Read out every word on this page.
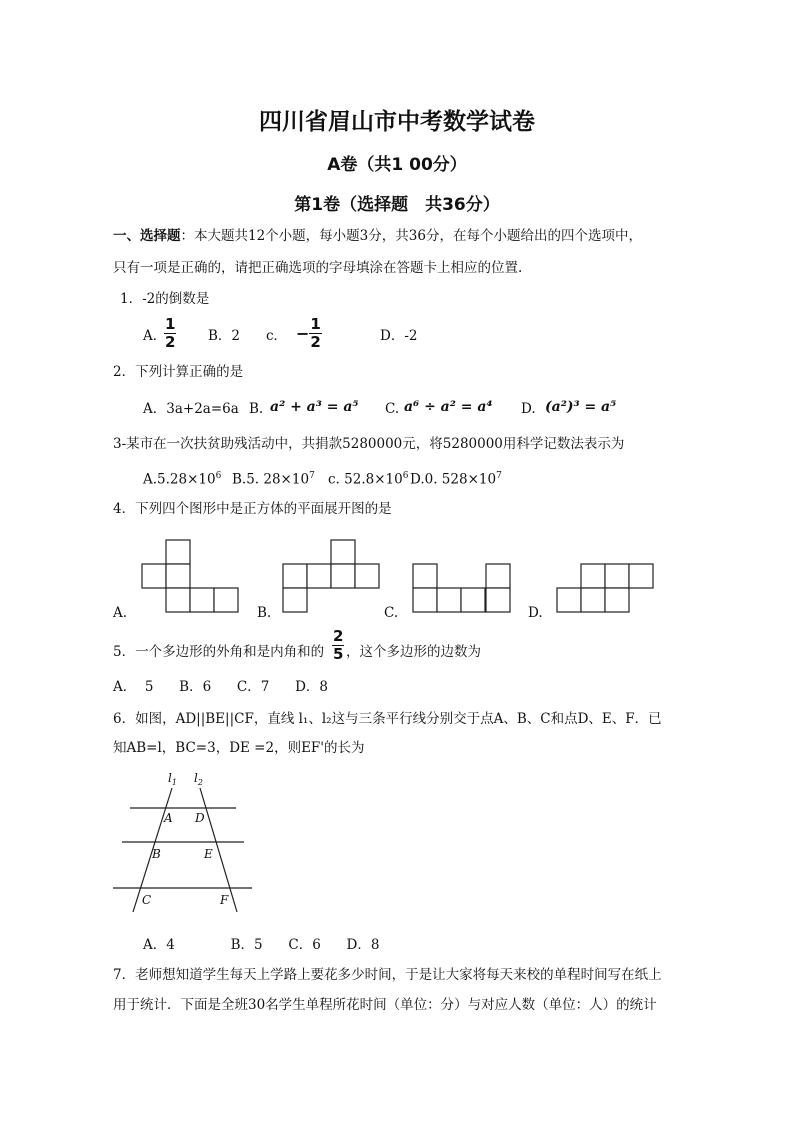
四川省眉山市中考数学试卷
A卷（共1 00分）
第1卷（选择题　共36分）
一、选择题：本大题共12个小题，每小题3分，共36分，在每个小题给出的四个选项中，
只有一项是正确的，请把正确选项的字母填涂在答题卡上相应的位置.
1．-2的倒数是
A．
$\frac{1}{2}$ B．2 c． − $\frac{1}{2}$	D．-2
2．下列计算正确的是
A．3a+2a=6a B. a² + a³ = a⁵ C. a⁶ ÷ a² = a⁴ D. (a²)³ = a⁵
3-某市在一次扶贫助残活动中，共捐款5280000元，将5280000用科学记数法表示为
$A.5.28\times 10^6$ B.5. $28\times 10^7$ c. $52.8\times 10^6$ D.0. $528\times 10^7$
4．下列四个图形中是正方体的平面展开图的是
A.	B.	C.	D.
5．一个多边形的外角和是内角和的 $\frac{2}{5}$ ，这个多边形的边数为
A．  5      B．6      C．7      D．8
6．如图，AD||BE||CF，直线 l₁、l₂这与三条平行线分别交于点A、B、C和点D、E、F．已
知AB=l，BC=3，DE =2，则EF'的长为
$l_1$ $l_2$
A D
B	E
C	F
A．4             B．5      C．6      D．8
7．老师想知道学生每天上学路上要花多少时间，于是让大家将每天来校的单程时间写在纸上
用于统计．下面是全班30名学生单程所花时间（单位：分）与对应人数（单位：人）的统计
